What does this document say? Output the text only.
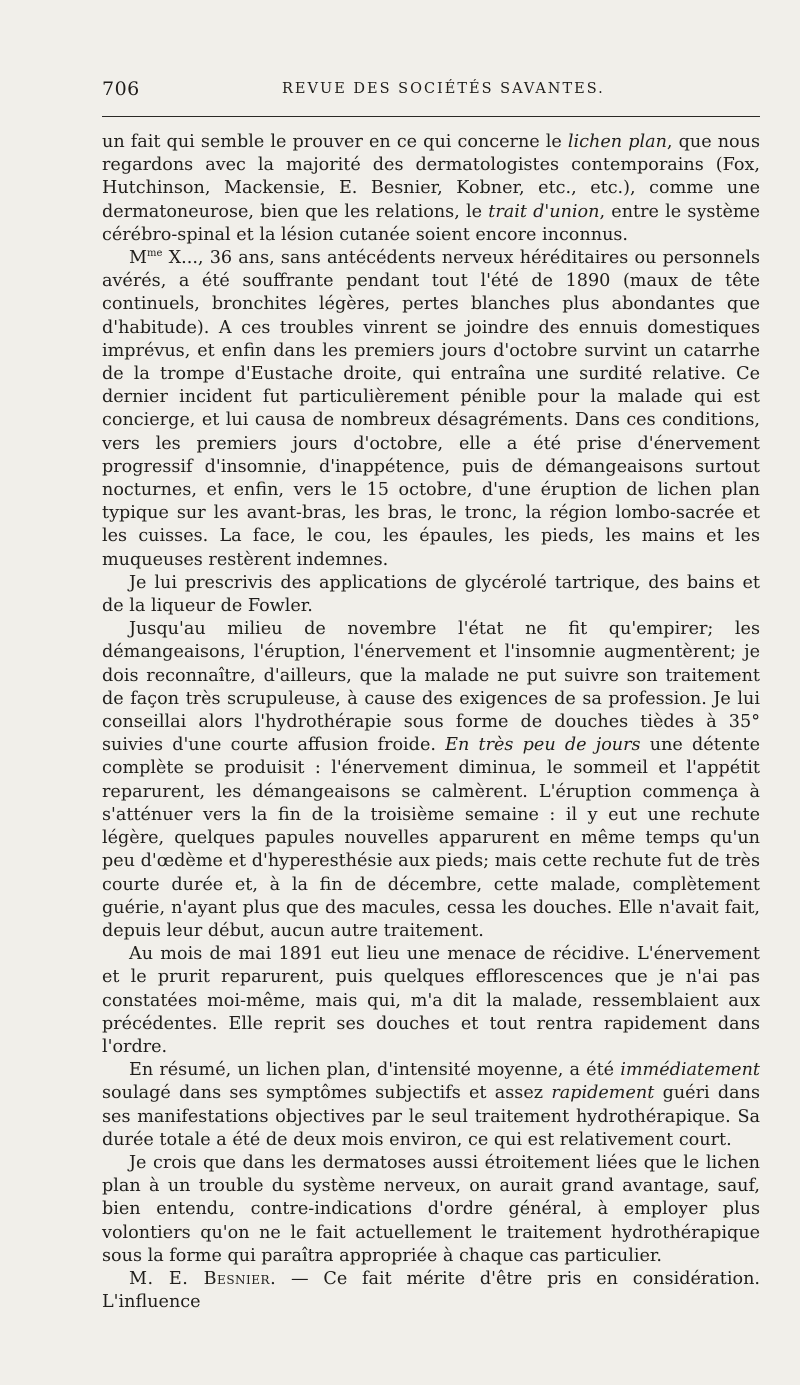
706	REVUE DES SOCIÉTÉS SAVANTES.

un fait qui semble le prouver en ce qui concerne le lichen plan, que nous regardons avec la majorité des dermatologistes contemporains (Fox, Hutchinson, Mackensie, E. Besnier, Kobner, etc., etc.), comme une dermatoneurose, bien que les relations, le trait d'union, entre le système cérébro-spinal et la lésion cutanée soient encore inconnus.

$M^{me}$ X..., 36 ans, sans antécédents nerveux héréditaires ou personnels avérés, a été souffrante pendant tout l'été de 1890 (maux de tête continuels, bronchites légères, pertes blanches plus abondantes que d'habitude). A ces troubles vinrent se joindre des ennuis domestiques imprévus, et enfin dans les premiers jours d'octobre survint un catarrhe de la trompe d'Eustache droite, qui entraîna une surdité relative. Ce dernier incident fut particulièrement pénible pour la malade qui est concierge, et lui causa de nombreux désagréments. Dans ces conditions, vers les premiers jours d'octobre, elle a été prise d'énervement progressif d'insomnie, d'inappétence, puis de démangeaisons surtout nocturnes, et enfin, vers le 15 octobre, d'une éruption de lichen plan typique sur les avant-bras, les bras, le tronc, la région lombo-sacrée et les cuisses. La face, le cou, les épaules, les pieds, les mains et les muqueuses restèrent indemnes.

Je lui prescrivis des applications de glycérolé tartrique, des bains et de la liqueur de Fowler.

Jusqu'au milieu de novembre l'état ne fit qu'empirer; les démangeaisons, l'éruption, l'énervement et l'insomnie augmentèrent; je dois reconnaître, d'ailleurs, que la malade ne put suivre son traitement de façon très scrupuleuse, à cause des exigences de sa profession. Je lui conseillai alors l'hydrothérapie sous forme de douches tièdes à 35° suivies d'une courte affusion froide. En très peu de jours une détente complète se produisit : l'énervement diminua, le sommeil et l'appétit reparurent, les démangeaisons se calmèrent. L'éruption commença à s'atténuer vers la fin de la troisième semaine : il y eut une rechute légère, quelques papules nouvelles apparurent en même temps qu'un peu d'œdème et d'hyperesthésie aux pieds; mais cette rechute fut de très courte durée et, à la fin de décembre, cette malade, complètement guérie, n'ayant plus que des macules, cessa les douches. Elle n'avait fait, depuis leur début, aucun autre traitement.

Au mois de mai 1891 eut lieu une menace de récidive. L'énervement et le prurit reparurent, puis quelques efflorescences que je n'ai pas constatées moi-même, mais qui, m'a dit la malade, ressemblaient aux précédentes. Elle reprit ses douches et tout rentra rapidement dans l'ordre.

En résumé, un lichen plan, d'intensité moyenne, a été immédiatement soulagé dans ses symptômes subjectifs et assez rapidement guéri dans ses manifestations objectives par le seul traitement hydrothérapique. Sa durée totale a été de deux mois environ, ce qui est relativement court.

Je crois que dans les dermatoses aussi étroitement liées que le lichen plan à un trouble du système nerveux, on aurait grand avantage, sauf, bien entendu, contre-indications d'ordre général, à employer plus volontiers qu'on ne le fait actuellement le traitement hydrothérapique sous la forme qui paraîtra appropriée à chaque cas particulier.

M. E. Besnier. — Ce fait mérite d'être pris en considération. L'influence
